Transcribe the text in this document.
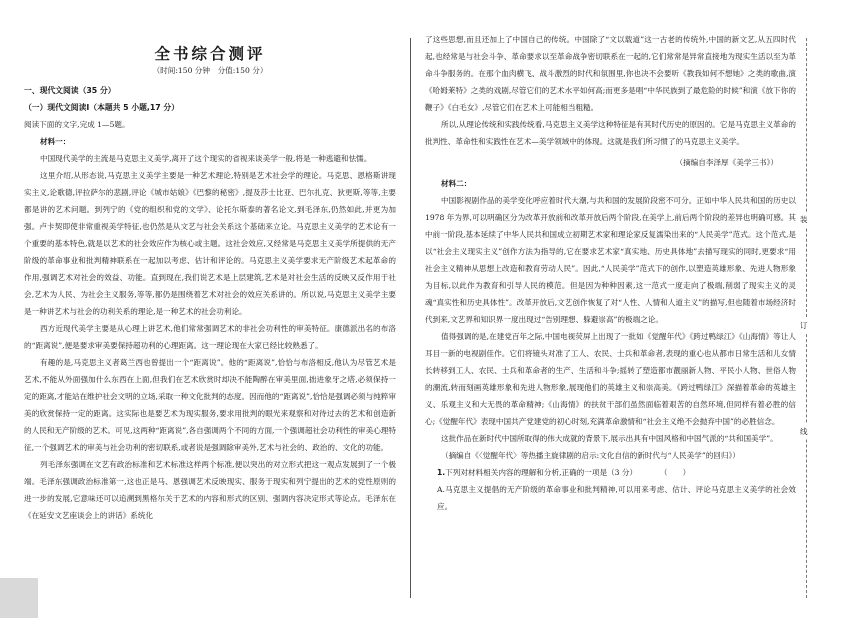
装
订
线
全书综合测评
（时间:150 分钟　分值:150 分）
一、现代文阅读（35 分）
（一）现代文阅读Ⅰ（本题共 5 小题,17 分）

阅读下面的文字,完成 1—5题。

材料一：

中国现代美学的主流是马克思主义美学,离开了这个现实的省视来谈美学一般,将是一种逃避和怯懦。

这里介绍,从形态说,马克思主义美学主要是一种艺术理论,特别是艺术社会学的理论。马克思、恩格斯讲现实主义,论歌德,评拉萨尔的悲剧,评论《城市姑娘》《巴黎的秘密》,提及莎士比亚、巴尔扎克、狄更斯,等等,主要都是讲的艺术问题。到列宁的《党的组织和党的文学》、论托尔斯泰的著名论文,到毛泽东,仍然如此,并更为加强。卢卡契即使非常重视美学特征,也仍然是从文艺与社会关系这个基础来立论。马克思主义美学的艺术论有一个重要的基本特色,就是以艺术的社会效应作为核心或主题。这社会效应,又经常是马克思主义美学所提供的无产阶级的革命事业和批判精神联系在一起加以考虑、估计和评论的。马克思主义美学要求无产阶级艺术起革命的作用,强调艺术对社会的效益、功能。直到现在,我们说艺术是上层建筑,艺术是对社会生活的反映又反作用于社会,艺术为人民、为社会主义服务,等等,都仍是围绕着艺术对社会的效应关系讲的。所以说,马克思主义美学主要是一种讲艺术与社会的功利关系的理论,是一种艺术的社会功利论。

西方近现代美学主要是从心理上讲艺术,他们常常强调艺术的非社会功利性的审美特征。康德派出名的布洛的“距离说”,便是要求审美要保持超功利的心理距离。这一理论现在大家已经比较熟悉了。

有趣的是,马克思主义者葛兰西也曾提出一个“距离说”。他的“距离说”,恰恰与布洛相反,他认为尽管艺术是艺术,不能从外面强加什么东西在上面,但我们在艺术欣赏时却决不能陶醉在审美里面,拙进象牙之塔,必须保持一定的距离,才能站在维护社会文明的立场,采取一种文化批判的态度。因而他的“距离说”,恰恰是强调必须与纯粹审美的欣赏保持一定的距离。这实际也是要艺术为现实服务,要求用批判的眼光来观察和对待过去的艺术和创造新的人民和无产阶级的艺术。可见,这两种“距离说”,各自强调两个不同的方面,一个强调超社会功利性的审美心理特征,一个强调艺术的审美与社会功利的密切联系,或者说是强调除审美外,艺术与社会的、政治的、文化的功能。

列毛泽东强调在文艺有政治标准和艺术标准这样两个标准,便以突出的对立形式把这一观点发展到了一个极端。毛泽东强调政治标准第一,这也正是马、恩强调艺术反映现实、服务于现实和列宁提出的艺术的党性原则的进一步的发展,它意味还可以追溯到黑格尔关于艺术的内容和形式的区别、强调内容决定形式等论点。毛泽东在《在延安文艺座谈会上的讲话》系统化

了这些思想,而且还加上了中国自己的传统。中国除了“文以载道”这一古老的传统外,中国的新文艺,从五四时代起,也经常是与社会斗争、革命要求以至革命战争密切联系在一起的,它们常常是异常直接地为现实生活以至为革命斗争服务的。在那个血肉横飞、战斗激烈的时代和氛围里,你也决不会要听《教我如何不想她》之类的歌曲,演《哈姆莱特》之类的戏剧,尽管它们的艺术水平如何高;而更多是唱“中华民族到了最危险的时候”和演《放下你的鞭子》《白毛女》,尽管它们在艺术上可能相当粗糙。

所以,从理论传统和实践传统看,马克思主义美学这种特征是有其时代历史的原因的。它是马克思主义革命的批判性、革命性和实践性在艺术—美学领域中的体现。这就是我们所习惯了的马克思主义美学。

（摘编自李泽厚《美学三书》）
材料二：

中国影视剧作品的美学变化呼应着时代大潮,与共和国的发展阶段密不可分。正如中华人民共和国的历史以 1978 年为界,可以明确区分为改革开放前和改革开放后两个阶段,在美学上,前后两个阶段的差异也明确可感。其中前一阶段,基本延续了中华人民共和国成立初期艺术家和理论家反复濡染出来的“人民美学”范式。这个范式,是以“社会主义现实主义”创作方法为指导的,它在要求艺术家“真实地、历史具体地”去描写现实的同时,更要求“用社会主义精神从思想上改造和教育劳动人民”。因此,“人民美学”范式下的创作,以塑造英雄形象、先进人物形象为目标,以此作为教育和引导人民的模范。但是因为种种因素,这一范式一度走向了极端,削弱了现实主义的灵魂“真实性和历史具体性”。改革开放后,文艺创作恢复了对“人性、人情和人道主义”的描写,但也随着市场经济时代到来,文艺界和知识界一度出现过“告别理想、躲避崇高”的极端之论。

值得强调的是,在建党百年之际,中国电视荧屏上出现了一批如《觉醒年代》《跨过鸭绿江》《山海情》等让人耳目一新的电视剧佳作。它们将镜头对准了工人、农民、士兵和革命者,表现的重心也从都市日常生活和儿女情长转移到工人、农民、士兵和革命者的生产、生活和斗争;摇转了塑造都市靓丽新人物、平民小人物、世俗人物的潮流,转而刻画英雄形象和先进人物形象,展现他们的英雄主义和崇高美。《跨过鸭绿江》深描着革命的英雄主义、乐观主义和大无畏的革命精神;《山海情》的扶贫干部们虽然面临着艰苦的自然环境,但同样有着必胜的信心;《觉醒年代》表现中国共产党建党的初心时刻,充满革命激情和“社会主义绝不会抛弃中国”的必胜信念。

这批作品在新时代中国所取得的伟大成就的背景下,展示出具有中国风格和中国气派的“共和国美学”。

（摘编自《〈觉醒年代〉等热播主旋律剧的启示:文化自信的新时代与“人民美学”的回归》）

1.下列对材料相关内容的理解和分析,正确的一项是（3 分）　　　　（　　）

A.马克思主义提倡的无产阶级的革命事业和批判精神,可以用来考虑、估计、评论马克思主义美学的社会效应。
